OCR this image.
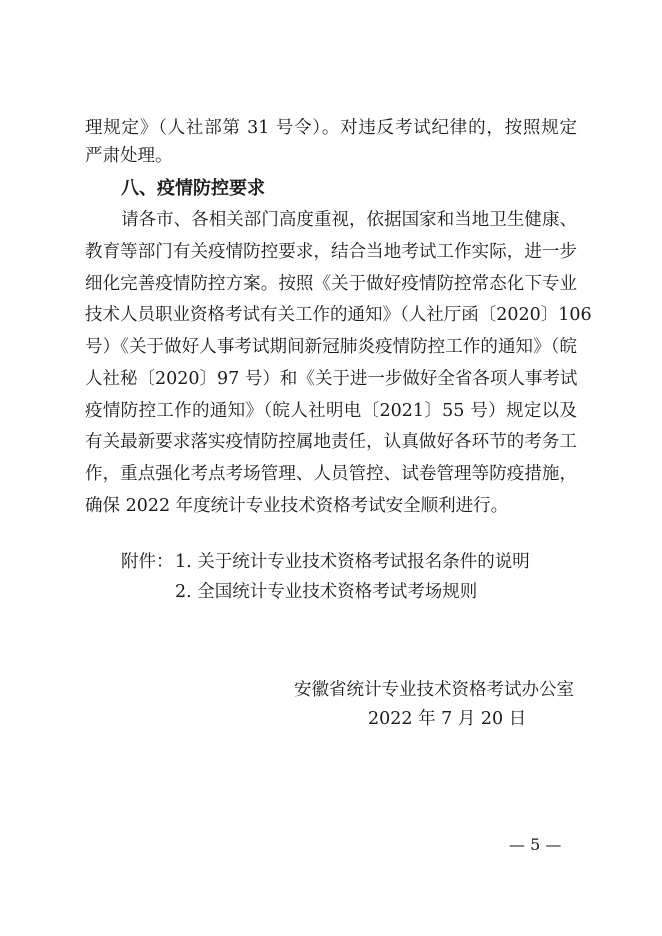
理规定》（人社部第 31 号令）。对违反考试纪律的，按照规定
严肃处理。
八、疫情防控要求
请各市、各相关部门高度重视，依据国家和当地卫生健康、
教育等部门有关疫情防控要求，结合当地考试工作实际，进一步
细化完善疫情防控方案。按照《关于做好疫情防控常态化下专业
技术人员职业资格考试有关工作的通知》（人社厅函〔2020〕106
号）《关于做好人事考试期间新冠肺炎疫情防控工作的通知》（皖
人社秘〔2020〕97 号）和《关于进一步做好全省各项人事考试
疫情防控工作的通知》（皖人社明电〔2021〕55 号）规定以及
有关最新要求落实疫情防控属地责任，认真做好各环节的考务工
作，重点强化考点考场管理、人员管控、试卷管理等防疫措施，
确保 2022 年度统计专业技术资格考试安全顺利进行。
附件： 1. 关于统计专业技术资格考试报名条件的说明
2. 全国统计专业技术资格考试考场规则
安徽省统计专业技术资格考试办公室
2022 年 7 月 20 日
— 5 —
